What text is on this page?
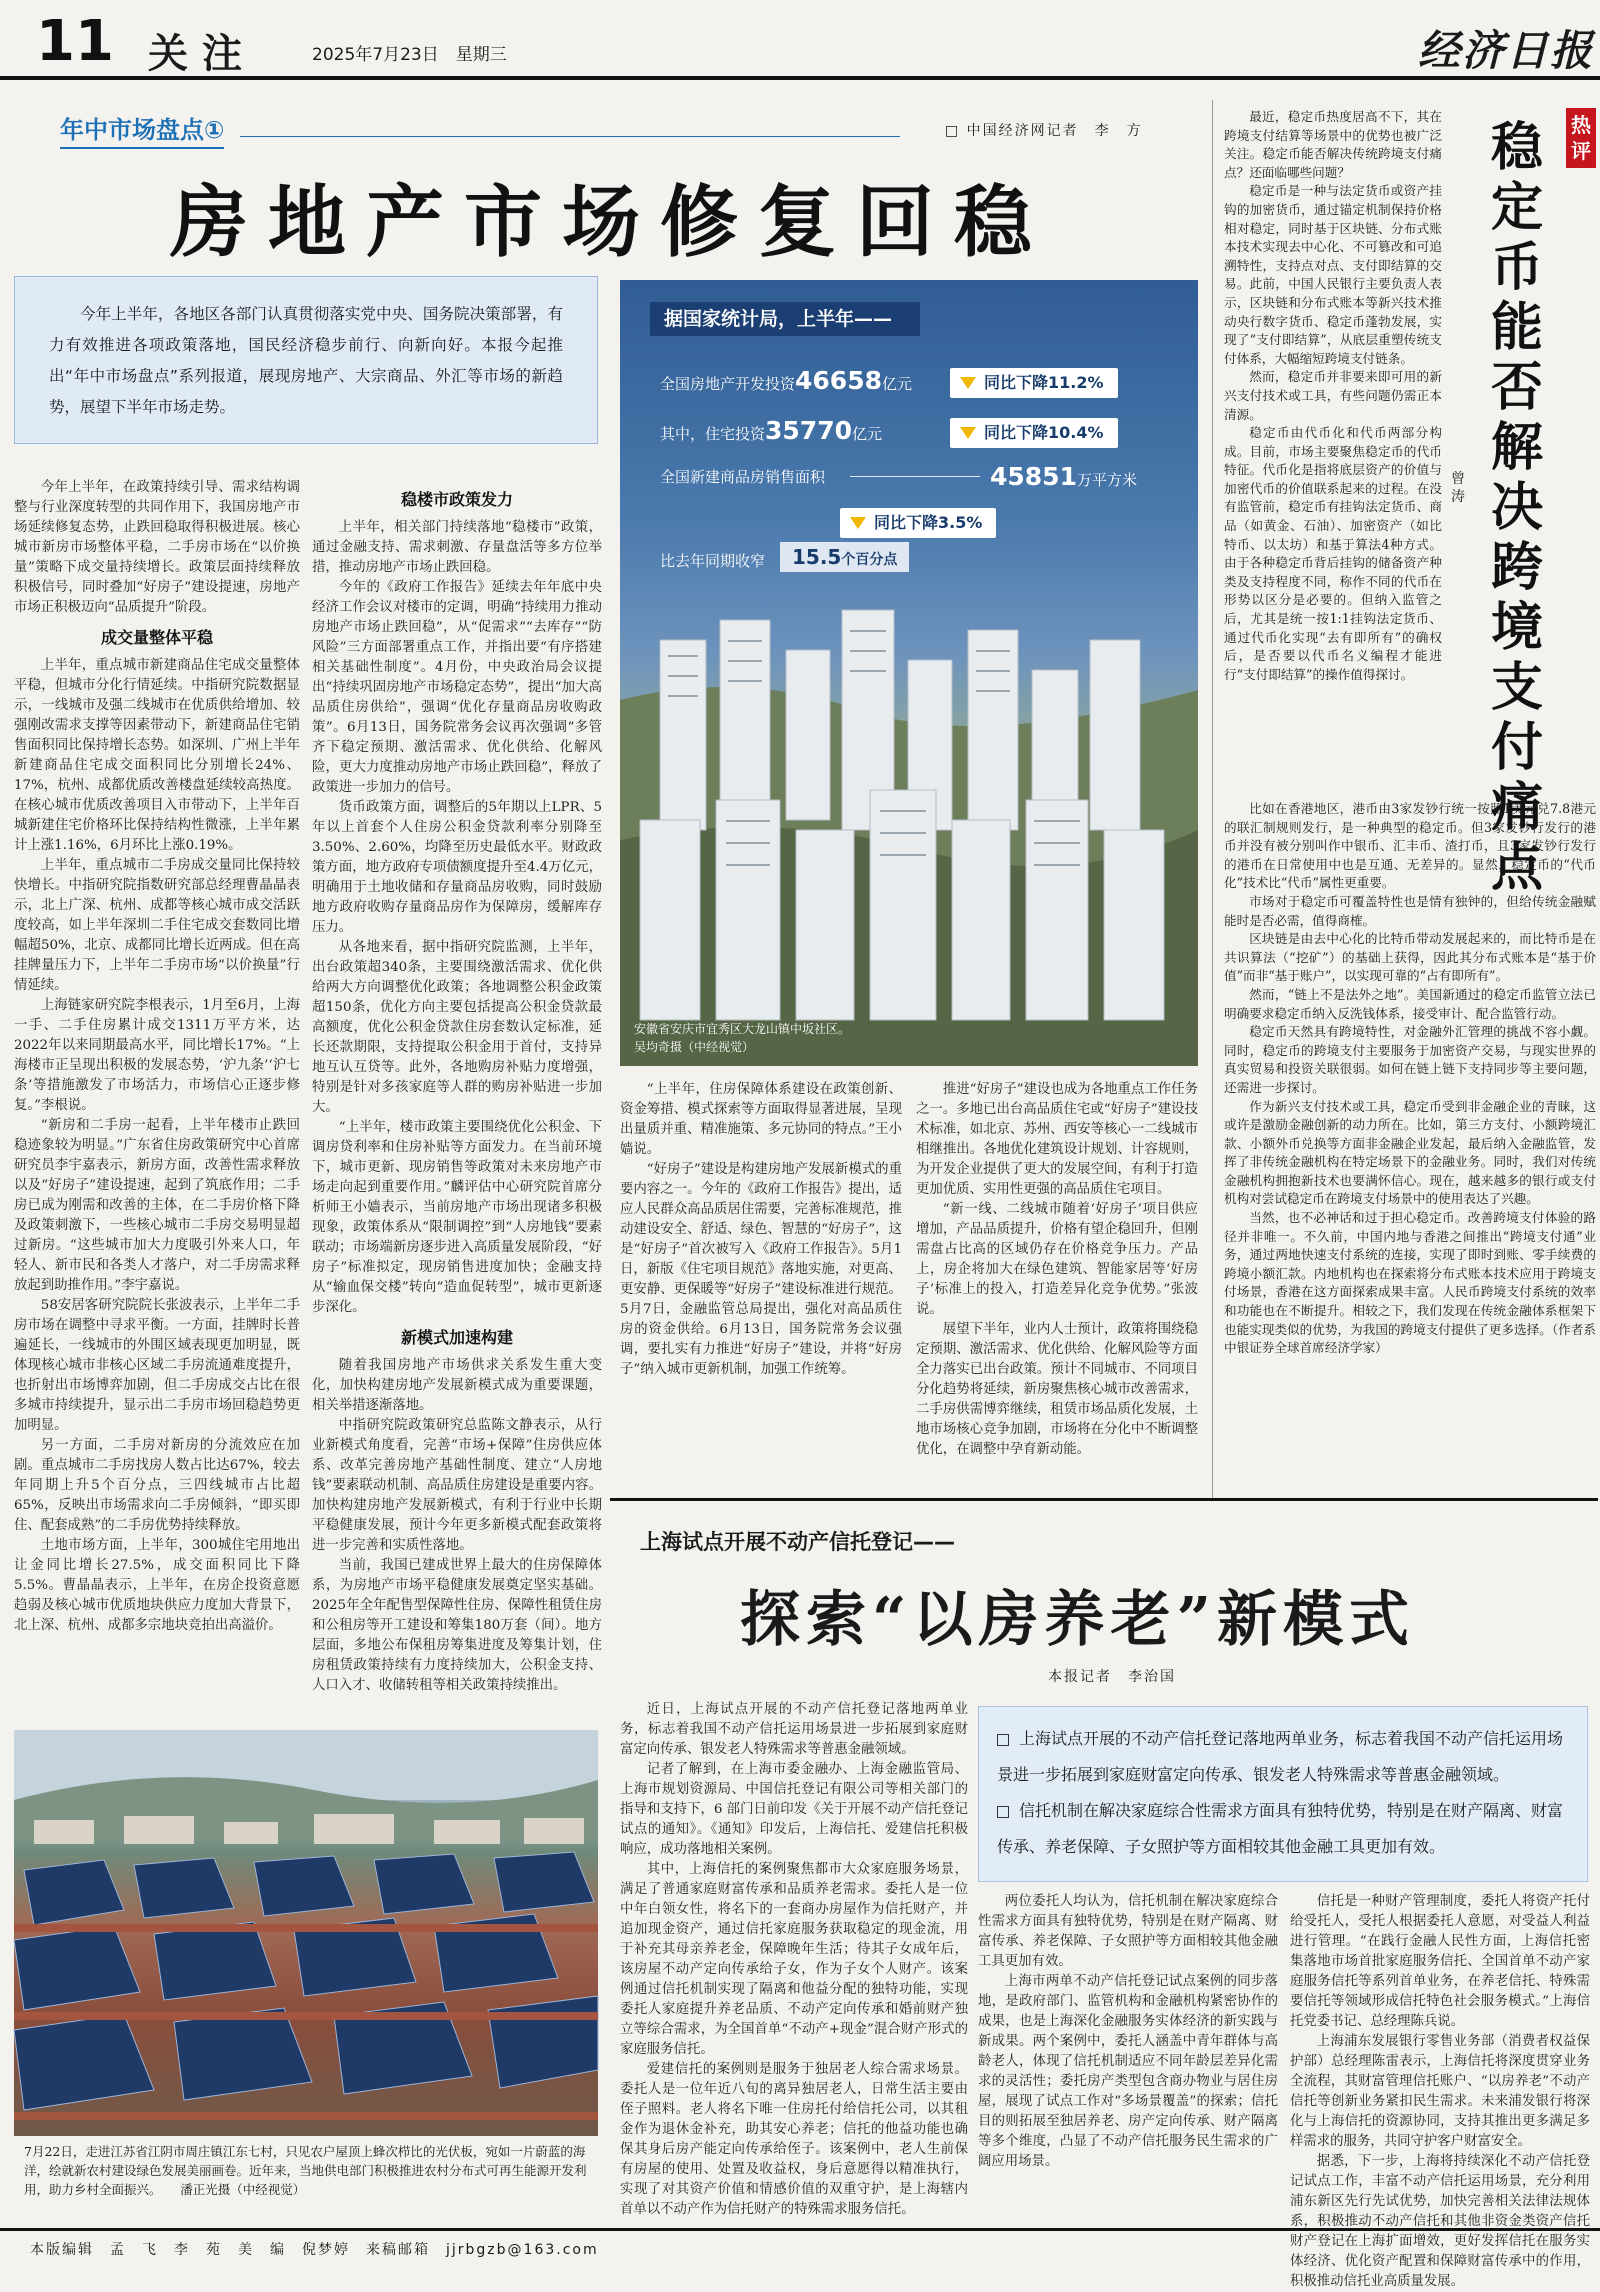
11 关注	2025年7月23日　星期三	经济日报
年中市场盘点①	□ 中国经济网记者　李　方
房地产市场修复回稳

今年上半年，各地区各部门认真贯彻落实党中央、国务院决策部署，有力有效推进各项政策落地，国民经济稳步前行、向新向好。本报今起推出“年中市场盘点”系列报道，展现房地产、大宗商品、外汇等市场的新趋势，展望下半年市场走势。

今年上半年，在政策持续引导、需求结构调整与行业深度转型的共同作用下，我国房地产市场延续修复态势，止跌回稳取得积极进展。核心城市新房市场整体平稳，二手房市场在“以价换量”策略下成交量持续增长。政策层面持续释放积极信号，同时叠加“好房子”建设提速，房地产市场正积极迈向“品质提升”阶段。

成交量整体平稳

上半年，重点城市新建商品住宅成交量整体平稳，但城市分化行情延续。中指研究院数据显示，一线城市及强二线城市在优质供给增加、较强刚改需求支撑等因素带动下，新建商品住宅销售面积同比保持增长态势。如深圳、广州上半年新建商品住宅成交面积同比分别增长24%、17%，杭州、成都优质改善楼盘延续较高热度。在核心城市优质改善项目入市带动下，上半年百城新建住宅价格环比保持结构性微涨，上半年累计上涨1.16%，6月环比上涨0.19%。

上半年，重点城市二手房成交量同比保持较快增长。中指研究院指数研究部总经理曹晶晶表示，北上广深、杭州、成都等核心城市成交活跃度较高，如上半年深圳二手住宅成交套数同比增幅超50%，北京、成都同比增长近两成。但在高挂牌量压力下，上半年二手房市场“以价换量”行情延续。

上海链家研究院李根表示，1月至6月，上海一手、二手住房累计成交1311万平方米，达2022年以来同期最高水平，同比增长17%。“上海楼市正呈现出积极的发展态势，‘沪九条’‘沪七条’等措施激发了市场活力，市场信心正逐步修复。”李根说。

“新房和二手房一起看，上半年楼市止跌回稳迹象较为明显。”广东省住房政策研究中心首席研究员李宇嘉表示，新房方面，改善性需求释放以及“好房子”建设提速，起到了筑底作用；二手房已成为刚需和改善的主体，在二手房价格下降及政策刺激下，一些核心城市二手房交易明显超过新房。“这些城市加大力度吸引外来人口，年轻人、新市民和各类人才落户，对二手房需求释放起到助推作用。”李宇嘉说。

58安居客研究院院长张波表示，上半年二手房市场在调整中寻求平衡。一方面，挂牌时长普遍延长，一线城市的外围区域表现更加明显，既体现核心城市非核心区域二手房流通难度提升，也折射出市场博弈加剧，但二手房成交占比在很多城市持续提升，显示出二手房市场回稳趋势更加明显。

另一方面，二手房对新房的分流效应在加剧。重点城市二手房找房人数占比达67%，较去年同期上升5个百分点，三四线城市占比超65%，反映出市场需求向二手房倾斜，“即买即住、配套成熟”的二手房优势持续释放。

土地市场方面，上半年，300城住宅用地出让金同比增长27.5%，成交面积同比下降5.5%。曹晶晶表示，上半年，在房企投资意愿趋弱及核心城市优质地块供应力度加大背景下，北上深、杭州、成都多宗地块竞拍出高溢价。

稳楼市政策发力

上半年，相关部门持续落地“稳楼市”政策，通过金融支持、需求刺激、存量盘活等多方位举措，推动房地产市场止跌回稳。

今年的《政府工作报告》延续去年年底中央经济工作会议对楼市的定调，明确“持续用力推动房地产市场止跌回稳”，从“促需求”“去库存”“防风险”三方面部署重点工作，并指出要“有序搭建相关基础性制度”。4月份，中央政治局会议提出“持续巩固房地产市场稳定态势”，提出“加大高品质住房供给”，强调“优化存量商品房收购政策”。6月13日，国务院常务会议再次强调“多管齐下稳定预期、激活需求、优化供给、化解风险，更大力度推动房地产市场止跌回稳”，释放了政策进一步加力的信号。

货币政策方面，调整后的5年期以上LPR、5年以上首套个人住房公积金贷款利率分别降至3.50%、2.60%，均降至历史最低水平。财政政策方面，地方政府专项债额度提升至4.4万亿元，明确用于土地收储和存量商品房收购，同时鼓励地方政府收购存量商品房作为保障房，缓解库存压力。

从各地来看，据中指研究院监测，上半年，出台政策超340条，主要围绕激活需求、优化供给两大方向调整优化政策；各地调整公积金政策超150条，优化方向主要包括提高公积金贷款最高额度，优化公积金贷款住房套数认定标准，延长还款期限，支持提取公积金用于首付，支持异地互认互贷等。此外，各地购房补贴力度增强，特别是针对多孩家庭等人群的购房补贴进一步加大。

“上半年，楼市政策主要围绕优化公积金、下调房贷利率和住房补贴等方面发力。在当前环境下，城市更新、现房销售等政策对未来房地产市场走向起到重要作用。”麟评估中心研究院首席分析师王小嫱表示，当前房地产市场出现诸多积极现象，政策体系从“限制调控”到“人房地钱”要素联动；市场端新房逐步进入高质量发展阶段，“好房子”标准拟定，现房销售进度加快；金融支持从“输血保交楼”转向“造血促转型”，城市更新逐步深化。

新模式加速构建

随着我国房地产市场供求关系发生重大变化，加快构建房地产发展新模式成为重要课题，相关举措逐渐落地。

中指研究院政策研究总监陈文静表示，从行业新模式角度看，完善“市场+保障”住房供应体系、改革完善房地产基础性制度、建立“人房地钱”要素联动机制、高品质住房建设是重要内容。加快构建房地产发展新模式，有利于行业中长期平稳健康发展，预计今年更多新模式配套政策将进一步完善和实质性落地。

当前，我国已建成世界上最大的住房保障体系，为房地产市场平稳健康发展奠定坚实基础。2025年全年配售型保障性住房、保障性租赁住房和公租房等开工建设和筹集180万套（间）。地方层面，多地公布保租房筹集进度及筹集计划，住房租赁政策持续有力度持续加大，公积金支持、人口入才、收储转租等相关政策持续推出。

据国家统计局，上半年——
全国房地产开发投资 46658 亿元	同比下降11.2%
其中，住宅投资 35770 亿元	同比下降10.4%
全国新建商品房销售面积	45851 万平方米
同比下降3.5%
比去年同期收窄	15.5个百分点
安徽省安庆市宜秀区大龙山镇中坂社区。
吴均奇摄（中经视觉）

“上半年，住房保障体系建设在政策创新、资金筹措、模式探索等方面取得显著进展，呈现出量质并重、精准施策、多元协同的特点。”王小嫱说。

“好房子”建设是构建房地产发展新模式的重要内容之一。今年的《政府工作报告》提出，适应人民群众高品质居住需要，完善标准规范，推动建设安全、舒适、绿色、智慧的“好房子”，这是“好房子”首次被写入《政府工作报告》。5月1日，新版《住宅项目规范》落地实施，对更高、更安静、更保暖等“好房子”建设标准进行规范。5月7日，金融监管总局提出，强化对高品质住房的资金供给。6月13日，国务院常务会议强调，要扎实有力推进“好房子”建设，并将“好房子”纳入城市更新机制，加强工作统筹。

推进“好房子”建设也成为各地重点工作任务之一。多地已出台高品质住宅或“好房子”建设技术标准，如北京、苏州、西安等核心一二线城市相继推出。各地优化建筑设计规划、计容规则，为开发企业提供了更大的发展空间，有利于打造更加优质、实用性更强的高品质住宅项目。

“新一线、二线城市随着‘好房子’项目供应增加，产品品质提升，价格有望企稳回升，但刚需盘占比高的区域仍存在价格竞争压力。产品上，房企将加大在绿色建筑、智能家居等‘好房子’标准上的投入，打造差异化竞争优势。”张波说。

展望下半年，业内人士预计，政策将围绕稳定预期、激活需求、优化供给、化解风险等方面全力落实已出台政策。预计不同城市、不同项目分化趋势将延续，新房聚焦核心城市改善需求，二手房供需博弈继续，租赁市场品质化发展，土地市场核心竞争加剧，市场将在分化中不断调整优化，在调整中孕育新动能。

热评
稳定币能否解决跨境支付痛点
曾　涛

最近，稳定币热度居高不下，其在跨境支付结算等场景中的优势也被广泛关注。稳定币能否解决传统跨境支付痛点？还面临哪些问题？

稳定币是一种与法定货币或资产挂钩的加密货币，通过锚定机制保持价格相对稳定，同时基于区块链、分布式账本技术实现去中心化、不可篡改和可追溯特性，支持点对点、支付即结算的交易。此前，中国人民银行主要负责人表示，区块链和分布式账本等新兴技术推动央行数字货币、稳定币蓬勃发展，实现了“支付即结算”，从底层重塑传统支付体系，大幅缩短跨境支付链条。

然而，稳定币并非要来即可用的新兴支付技术或工具，有些问题仍需正本清源。

稳定币由代币化和代币两部分构成。目前，市场主要聚焦稳定币的代币特征。代币化是指将底层资产的价值与加密代币的价值联系起来的过程。在没有监管前，稳定币有挂钩法定货币、商品（如黄金、石油）、加密资产（如比特币、以太坊）和基于算法4种方式。由于各种稳定币背后挂钩的储备资产种类及支持程度不同，称作不同的代币在形势以区分是必要的。但纳入监管之后，尤其是统一按1:1挂钩法定货币、通过代币化实现“去有即所有”的确权后，是否要以代币名义编程才能进行“支付即结算”的操作值得探讨。

比如在香港地区，港币由3家发钞行统一按照1美元兑7.8港元的联汇制规则发行，是一种典型的稳定币。但3家发钞行发行的港币并没有被分别叫作中银币、汇丰币、渣打币，且3家发钞行发行的港币在日常使用中也是互通、无差异的。显然，稳定币的“代币化”技术比“代币”属性更重要。

市场对于稳定币可覆盖特性也是情有独钟的，但给传统金融赋能时是否必需，值得商榷。

区块链是由去中心化的比特币带动发展起来的，而比特币是在共识算法（“挖矿”）的基础上获得，因此其分布式账本是“基于价值”而非“基于账户”，以实现可靠的“占有即所有”。

然而，“链上不是法外之地”。美国新通过的稳定币监管立法已明确要求稳定币纳入反洗钱体系，接受审计、配合监管行动。

稳定币天然具有跨境特性，对金融外汇管理的挑战不容小觑。同时，稳定币的跨境支付主要服务于加密资产交易，与现实世界的真实贸易和投资关联很弱。如何在链上链下支持同步等主要问题，还需进一步探讨。

作为新兴支付技术或工具，稳定币受到非金融企业的青睐，这或许是激励金融创新的动力所在。比如，第三方支付、小额跨境汇款、小额外币兑换等方面非金融企业发起，最后纳入金融监管，发挥了非传统金融机构在特定场景下的金融业务。同时，我们对传统金融机构拥抱新技术也要满怀信心。现在，越来越多的银行或支付机构对尝试稳定币在跨境支付场景中的使用表达了兴趣。

当然，也不必神话和过于担心稳定币。改善跨境支付体验的路径并非唯一。不久前，中国内地与香港之间推出“跨境支付通”业务，通过两地快速支付系统的连接，实现了即时到账、零手续费的跨境小额汇款。内地机构也在探索将分布式账本技术应用于跨境支付场景，香港在这方面探索成果丰富。人民币跨境支付系统的效率和功能也在不断提升。相较之下，我们发现在传统金融体系框架下也能实现类似的优势，为我国的跨境支付提供了更多选择。（作者系中银证券全球首席经济学家）

7月22日，走进江苏省江阴市周庄镇江东七村，只见农户屋顶上蜂次栉比的光伏板，宛如一片蔚蓝的海洋，绘就新农村建设绿色发展美丽画卷。近年来，当地供电部门积极推进农村分布式可再生能源开发利用，助力乡村全面振兴。　　潘正光摄（中经视觉）
上海试点开展不动产信托登记——
探索“以房养老”新模式
本报记者　李治国
上海试点开展的不动产信托登记落地两单业务，标志着我国不动产信托运用场景进一步拓展到家庭财富定向传承、银发老人特殊需求等普惠金融领域。
信托机制在解决家庭综合性需求方面具有独特优势，特别是在财产隔离、财富传承、养老保障、子女照护等方面相较其他金融工具更加有效。

近日，上海试点开展的不动产信托登记落地两单业务，标志着我国不动产信托运用场景进一步拓展到家庭财富定向传承、银发老人特殊需求等普惠金融领域。

记者了解到，在上海市委金融办、上海金融监管局、上海市规划资源局、中国信托登记有限公司等相关部门的指导和支持下，6 部门日前印发《关于开展不动产信托登记试点的通知》。《通知》印发后，上海信托、爱建信托积极响应，成功落地相关案例。

其中，上海信托的案例聚焦都市大众家庭服务场景，满足了普通家庭财富传承和品质养老需求。委托人是一位中年白领女性，将名下的一套商办房屋作为信托财产，并追加现金资产，通过信托家庭服务获取稳定的现金流，用于补充其母亲养老金，保障晚年生活；待其子女成年后，该房屋不动产定向传承给子女，作为子女个人财产。该案例通过信托机制实现了隔离和他益分配的独特功能，实现委托人家庭提升养老品质、不动产定向传承和婚前财产独立等综合需求，为全国首单“不动产+现金”混合财产形式的家庭服务信托。

爱建信托的案例则是服务于独居老人综合需求场景。委托人是一位年近八旬的离异独居老人，日常生活主要由侄子照料。老人将名下唯一住房托付给信托公司，以其租金作为退休金补充，助其安心养老；信托的他益功能也确保其身后房产能定向传承给侄子。该案例中，老人生前保有房屋的使用、处置及收益权，身后意愿得以精准执行，实现了对其资产价值和情感价值的双重守护，是上海辖内首单以不动产作为信托财产的特殊需求服务信托。

两位委托人均认为，信托机制在解决家庭综合性需求方面具有独特优势，特别是在财产隔离、财富传承、养老保障、子女照护等方面相较其他金融工具更加有效。

上海市两单不动产信托登记试点案例的同步落地，是政府部门、监管机构和金融机构紧密协作的成果，也是上海深化金融服务实体经济的新实践与新成果。两个案例中，委托人涵盖中青年群体与高龄老人，体现了信托机制适应不同年龄层差异化需求的灵活性；委托房产类型包含商办物业与居住房屋，展现了试点工作对“多场景覆盖”的探索；信托目的则拓展至独居养老、房产定向传承、财产隔离等多个维度，凸显了不动产信托服务民生需求的广阔应用场景。

信托是一种财产管理制度，委托人将资产托付给受托人，受托人根据委托人意愿，对受益人利益进行管理。“在践行金融人民性方面，上海信托密集落地市场首批家庭服务信托、全国首单不动产家庭服务信托等系列首单业务，在养老信托、特殊需要信托等领域形成信托特色社会服务模式。”上海信托党委书记、总经理陈兵说。

上海浦东发展银行零售业务部（消费者权益保护部）总经理陈雷表示，上海信托将深度贯穿业务全流程，其财富管理信托账户、“以房养老”不动产信托等创新业务紧扣民生需求。未来浦发银行将深化与上海信托的资源协同，支持其推出更多满足多样需求的服务，共同守护客户财富安全。

据悉，下一步，上海将持续深化不动产信托登记试点工作，丰富不动产信托运用场景，充分利用浦东新区先行先试优势，加快完善相关法律法规体系，积极推动不动产信托和其他非资金类资产信托财产登记在上海扩面增效，更好发挥信托在服务实体经济、优化资产配置和保障财富传承中的作用，积极推动信托业高质量发展。

本版编辑　孟　飞　李　苑　美　编　倪梦婷　来稿邮箱　jjrbgzb@163.com
